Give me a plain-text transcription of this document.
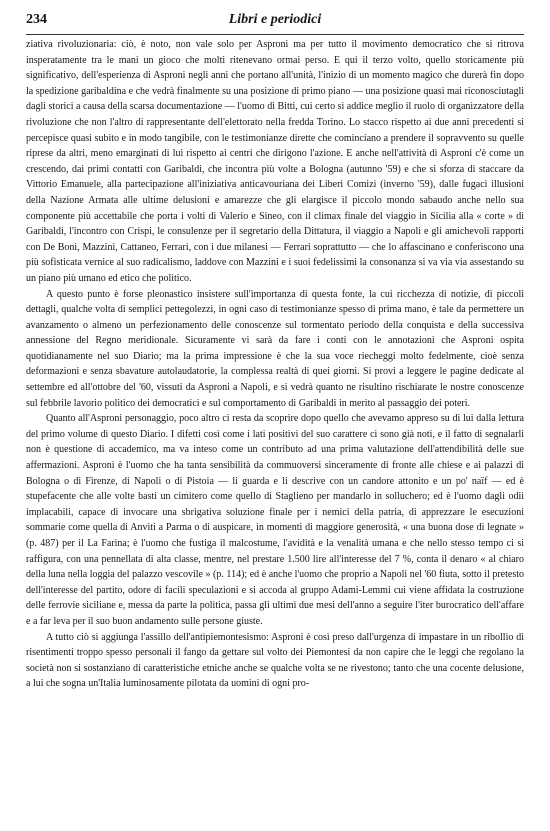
234	Libri e periodici

ziativa rivoluzionaria: ciò, è noto, non vale solo per Asproni ma per tutto il movimento democratico che si ritrova insperatamente tra le mani un gioco che molti ritenevano ormai perso. E qui il terzo volto, quello storicamente più significativo, dell'esperienza di Asproni negli anni che portano all'unità, l'inizio di un momento magico che durerà fin dopo la spedizione garibaldina e che vedrà finalmente su una posizione di primo piano — una posizione quasi mai riconosciutagli dagli storici a causa della scarsa documentazione — l'uomo di Bitti, cui certo si addice meglio il ruolo di organizzatore della rivoluzione che non l'altro di rappresentante dell'elettorato nella fredda Torino. Lo stacco rispetto ai due anni precedenti si percepisce quasi subito e in modo tangibile, con le testimonianze dirette che cominciano a prendere il sopravvento su quelle riprese da altri, meno emarginati di lui rispetto ai centri che dirigono l'azione. E anche nell'attività di Asproni c'è come un crescendo, dai primi contatti con Garibaldi, che incontra più volte a Bologna (autunno '59) e che si sforza di staccare da Vittorio Emanuele, alla partecipazione all'iniziativa anticavouriana dei Liberi Comizi (inverno '59), dalle fugaci illusioni della Nazione Armata alle ultime delusioni e amarezze che gli elargisce il piccolo mondo sabaudo anche nello sua componente più accettabile che porta i volti di Valerio e Sineo, con il climax finale del viaggio in Sicilia alla « corte » di Garibaldi, l'incontro con Crispi, le consulenze per il segretario della Dittatura, il viaggio a Napoli e gli amichevoli rapporti con De Boni, Mazzini, Cattaneo, Ferrari, con i due milanesi — Ferrari soprattutto — che lo affascinano e conferiscono una più sofisticata vernice al suo radicalismo, laddove con Mazzini e i suoi fedelissimi la consonanza si va via via assestando su un piano più umano ed etico che politico.

A questo punto è forse pleonastico insistere sull'importanza di questa fonte, la cui ricchezza di notizie, di piccoli dettagli, qualche volta di semplici pettegolezzi, in ogni caso di testimonianze spesso di prima mano, è tale da permettere un avanzamento o almeno un perfezionamento delle conoscenze sul tormentato periodo della conquista e della successiva annessione del Regno meridionale. Sicuramente vi sarà da fare i conti con le annotazioni che Asproni ospita quotidianamente nel suo Diario; ma la prima impressione è che la sua voce riecheggi molto fedelmente, cioè senza deformazioni e senza sbavature autolaudatorie, la complessa realtà di quei giorni. Si provi a leggere le pagine dedicate al settembre ed all'ottobre del '60, vissuti da Asproni a Napoli, e si vedrà quanto ne risultino rischiarate le nostre conoscenze sul febbrile lavorio politico dei democratici e sul comportamento di Garibaldi in merito al passaggio dei poteri.

Quanto all'Asproni personaggio, poco altro ci resta da scoprire dopo quello che avevamo appreso su di lui dalla lettura del primo volume di questo Diario. I difetti così come i lati positivi del suo carattere ci sono già noti, e il fatto di segnalarli non è questione di accademico, ma va inteso come un contributo ad una prima valutazione dell'attendibilità delle sue affermazioni. Asproni è l'uomo che ha tanta sensibilità da commuoversi sinceramente di fronte alle chiese e ai palazzi di Bologna o di Firenze, di Napoli o di Pistoia — li guarda e li descrive con un candore attonito e un po' naïf — ed è stupefacente che alle volte basti un cimitero come quello di Staglieno per mandarlo in solluchero; ed è l'uomo dagli odii implacabili, capace di invocare una sbrigativa soluzione finale per i nemici della patria, di apprezzare le esecuzioni sommarie come quella di Anviti a Parma o di auspicare, in momenti di maggiore generosità, « una buona dose di legnate » (p. 487) per il La Farina; è l'uomo che fustiga il malcostume, l'avidità e la venalità umana e che nello stesso tempo ci si raffigura, con una pennellata di alta classe, mentre, nel prestare 1.500 lire all'interesse del 7 %, conta il denaro « al chiaro della luna nella loggia del palazzo vescovile » (p. 114); ed è anche l'uomo che proprio a Napoli nel '60 fiuta, sotto il pretesto dell'interesse del partito, odore di facili speculazioni e si accoda al gruppo Adami-Lemmi cui viene affidata la costruzione delle ferrovie siciliane e, messa da parte la politica, passa gli ultimi due mesi dell'anno a seguire l'iter burocratico dell'affare e a far leva per il suo buon andamento sulle persone giuste.

A tutto ciò si aggiunga l'assillo dell'antipiemontesismo: Asproni è così preso dall'urgenza di impastare in un ribollio di risentimenti troppo spesso personali il fango da gettare sul volto dei Piemontesi da non capire che le leggi che regolano la società non si sostanziano di caratteristiche etniche anche se qualche volta se ne rivestono; tanto che una cocente delusione, a lui che sogna un'Italia luminosamente pilotata da uomini di ogni pro-
